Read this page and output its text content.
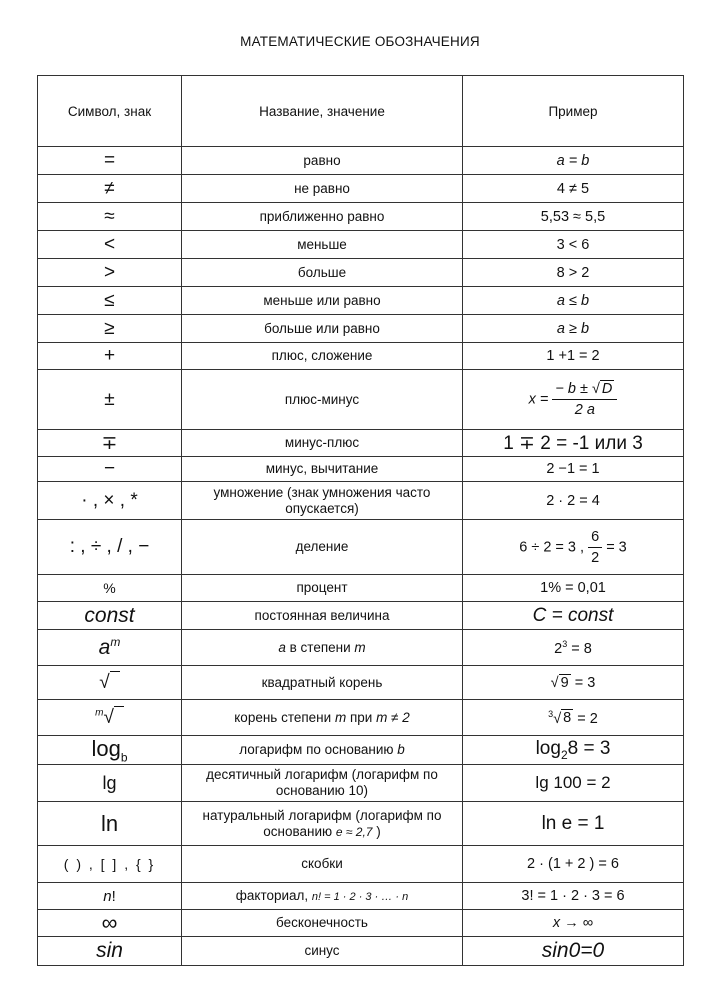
МАТЕМАТИЧЕСКИЕ ОБОЗНАЧЕНИЯ
Символ, знак	Название, значение	Пример
=	равно	a = b
≠	не равно	4 ≠ 5
≈	приближенно равно	5,53 ≈ 5,5
<	меньше	3 < 6
>	больше	8 > 2
≤	меньше или равно	a ≤ b
≥	больше или равно	a ≥ b
+	плюс, сложение	1 +1 = 2
±	плюс-минус	$x = \frac{- b \pm √ D}{2 a}$

∓	минус-плюс	1 ∓ 2 = -1 или 3
−	минус, вычитание	2 −1 = 1
· , × , *	умножение (знак умножения часто опускается)	2 · 2 = 4
: , ÷ , / , −	деление	6 ÷ 2 = 3 , $\frac{6}{2} = 3$
%	процент	1% = 0,01
const	постоянная величина	C = const
$a^m$	a в степени m	$2^3 = 8$
√	квадратный корень	√ 9 = 3
$^m$√	корень степени m при m ≠ 2	$^3$√ 8 = 2
$\log_b$	логарифм по основанию b	$\log_28 = 3$
lg	десятичный логарифм (логарифм по основанию 10)	lg 100 = 2
ln	натуральный логарифм (логарифм по основанию e ≈ 2,7 )	ln e = 1
( ) , [ ] , { }	скобки	2 · (1 + 2 ) = 6
n!	факториал, n! = 1 · 2 · 3 · … · n	3! = 1 · 2 · 3 = 6
∞	бесконечность	x → ∞
sin	синус	sin0=0
